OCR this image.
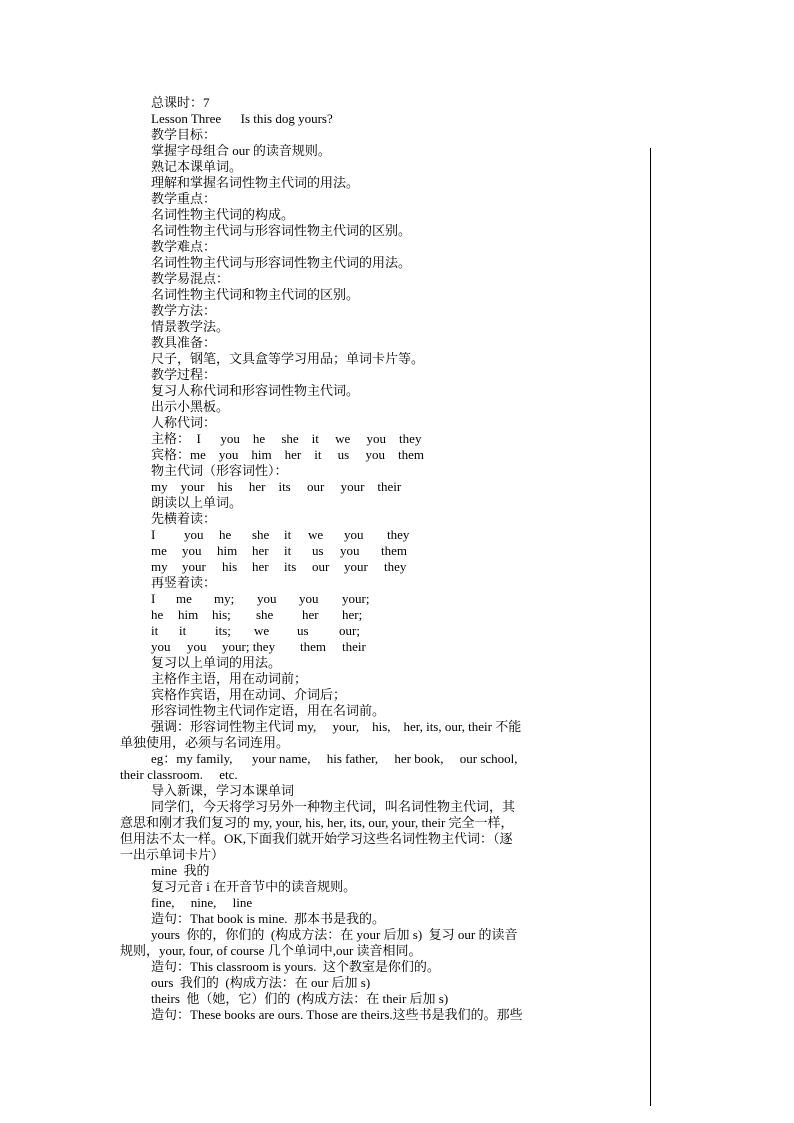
总课时：7
Lesson Three      Is this dog yours?
教学目标：
掌握字母组合 our 的读音规则。
熟记本课单词。
理解和掌握名词性物主代词的用法。
教学重点：
名词性物主代词的构成。
名词性物主代词与形容词性物主代词的区别。
教学难点：
名词性物主代词与形容词性物主代词的用法。
教学易混点：
名词性物主代词和物主代词的区别。
教学方法：
情景教学法。
教具准备：
尺子，钢笔，文具盒等学习用品；单词卡片等。
教学过程：
复习人称代词和形容词性物主代词。
出示小黑板。
人称代词：
主格：  I      you    he     she    it     we     you    they
宾格：me    you    him    her    it     us     you    them
物主代词（形容词性）：
my    your    his     her    its     our     your    their
朗读以上单词。
先横着读：
I you he she it we you they
me you him her it us you them
my your his her its our your they
再竖着读：
I me my; you you your;
he him his; she her her;
it it its; we us our;
you you your; they them their
复习以上单词的用法。
主格作主语，用在动词前；
宾格作宾语，用在动词、介词后；
形容词性物主代词作定语，用在名词前。
强调：形容词性物主代词 my,     your,    his,    her, its, our, their 不能
单独使用，必须与名词连用。
eg：my family,      your name,     his father,     her book,     our school,
their classroom.     etc.
导入新课，学习本课单词
同学们，今天将学习另外一种物主代词，叫名词性物主代词，其
意思和刚才我们复习的 my, your, his, her, its, our, your, their 完全一样，
但用法不太一样。OK,下面我们就开始学习这些名词性物主代词：（逐
一出示单词卡片）
mine  我的
复习元音 i 在开音节中的读音规则。
fine,     nine,     line
造句：That book is mine.  那本书是我的。
yours  你的，你们的  (构成方法：在 your 后加 s)  复习 our 的读音
规则，your, four, of course 几个单词中,our 读音相同。
造句：This classroom is yours.  这个教室是你们的。
ours  我们的  (构成方法：在 our 后加 s)
theirs  他（她，它）们的  (构成方法：在 their 后加 s)
造句：These books are ours. Those are theirs.这些书是我们的。那些
